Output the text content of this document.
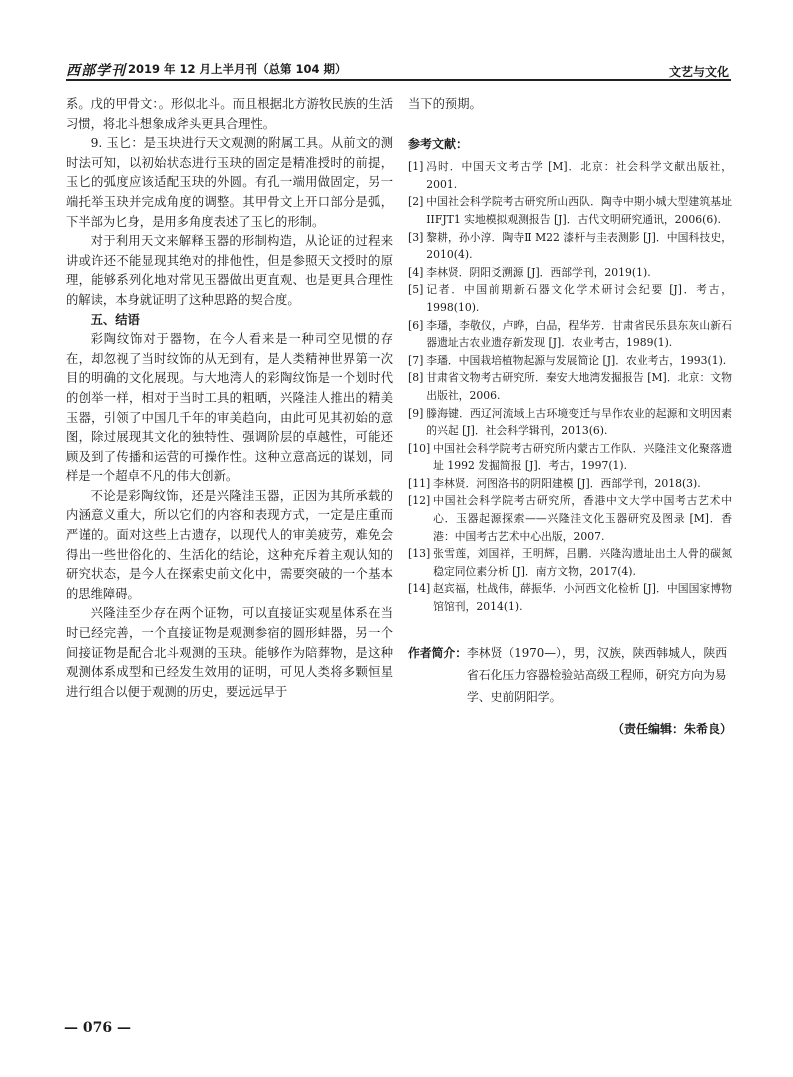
西部学刊 2019 年 12 月上半月刊（总第 104 期）	文艺与文化

系。戊的甲骨文：。形似北斗。而且根据北方游牧民族的生活习惯，将北斗想象成斧头更具合理性。

9. 玉匕：是玉块进行天文观测的附属工具。从前文的测时法可知，以初始状态进行玉玦的固定是精准授时的前提，玉匕的弧度应该适配玉玦的外圆。有孔一端用做固定，另一端托举玉玦并完成角度的调整。其甲骨文上开口部分是弧，下半部为匕身，是用多角度表述了玉匕的形制。

对于利用天文来解释玉器的形制构造，从论证的过程来讲或许还不能显现其绝对的排他性，但是参照天文授时的原理，能够系列化地对常见玉器做出更直观、也是更具合理性的解读，本身就证明了这种思路的契合度。

五、结语

彩陶纹饰对于器物，在今人看来是一种司空见惯的存在，却忽视了当时纹饰的从无到有，是人类精神世界第一次目的明确的文化展现。与大地湾人的彩陶纹饰是一个划时代的创举一样，相对于当时工具的粗晒，兴隆洼人推出的精美玉器，引领了中国几千年的审美趋向，由此可见其初始的意图，除过展现其文化的独特性、强调阶层的卓越性，可能还顾及到了传播和运营的可操作性。这种立意高远的谋划，同样是一个超卓不凡的伟大创新。

不论是彩陶纹饰，还是兴隆洼玉器，正因为其所承载的内涵意义重大，所以它们的内容和表现方式，一定是庄重而严谨的。面对这些上古遗存，以现代人的审美疲劳，难免会得出一些世俗化的、生活化的结论，这种充斥着主观认知的研究状态，是今人在探索史前文化中，需要突破的一个基本的思维障碍。

兴隆洼至少存在两个证物，可以直接证实观星体系在当时已经完善，一个直接证物是观测参宿的圆形蚌器，另一个间接证物是配合北斗观测的玉玦。能够作为陪葬物，是这种观测体系成型和已经发生效用的证明，可见人类将多颗恒星进行组合以便于观测的历史，要远远早于

当下的预期。

参考文献：
[1] 冯时．中国天文考古学 [M]．北京：社会科学文献出版社，2001.
[2] 中国社会科学院考古研究所山西队．陶寺中期小城大型建筑基址 IIFJT1 实地模拟观测报告 [J]．古代文明研究通讯，2006(6).
[3] 黎耕，孙小淳．陶寺Ⅱ M22 漆杆与圭表测影 [J]．中国科技史，2010(4).
[4] 李林贤．阴阳爻溯源 [J]．西部学刊，2019(1).
[5] 记者．中国前期新石器文化学术研讨会纪要 [J]．考古，1998(10).
[6] 李璠，李敬仪，卢晔，白品，程华芳．甘肃省民乐县东灰山新石器遗址古农业遗存新发现 [J]．农业考古，1989(1).
[7] 李璠．中国栽培植物起源与发展简论 [J]．农业考古，1993(1).
[8] 甘肃省文物考古研究所．秦安大地湾发掘报告 [M]．北京：文物出版社，2006.
[9] 滕海键．西辽河流域上古环境变迁与旱作农业的起源和文明因素的兴起 [J]．社会科学辑刊，2013(6).
[10] 中国社会科学院考古研究所内蒙古工作队．兴隆洼文化聚落遗址 1992 发掘简报 [J]．考古，1997(1).
[11] 李林贤．河图洛书的阴阳建模 [J]．西部学刊，2018(3).
[12] 中国社会科学院考古研究所，香港中文大学中国考古艺术中心．玉器起源探索——兴隆洼文化玉器研究及图录 [M]．香港：中国考古艺术中心出版，2007.
[13] 张雪莲，刘国祥，王明辉，吕鹏．兴隆沟遗址出土人骨的碳氮稳定同位素分析 [J]．南方文物，2017(4).
[14] 赵宾福，杜战伟，薛振华．小河西文化检析 [J]．中国国家博物馆馆刊，2014(1).
作者简介： 李林贤（1970—），男，汉族，陕西韩城人，陕西省石化压力容器检验站高级工程师，研究方向为易学、史前阴阳学。
（责任编辑：朱希良）
— 076 —
